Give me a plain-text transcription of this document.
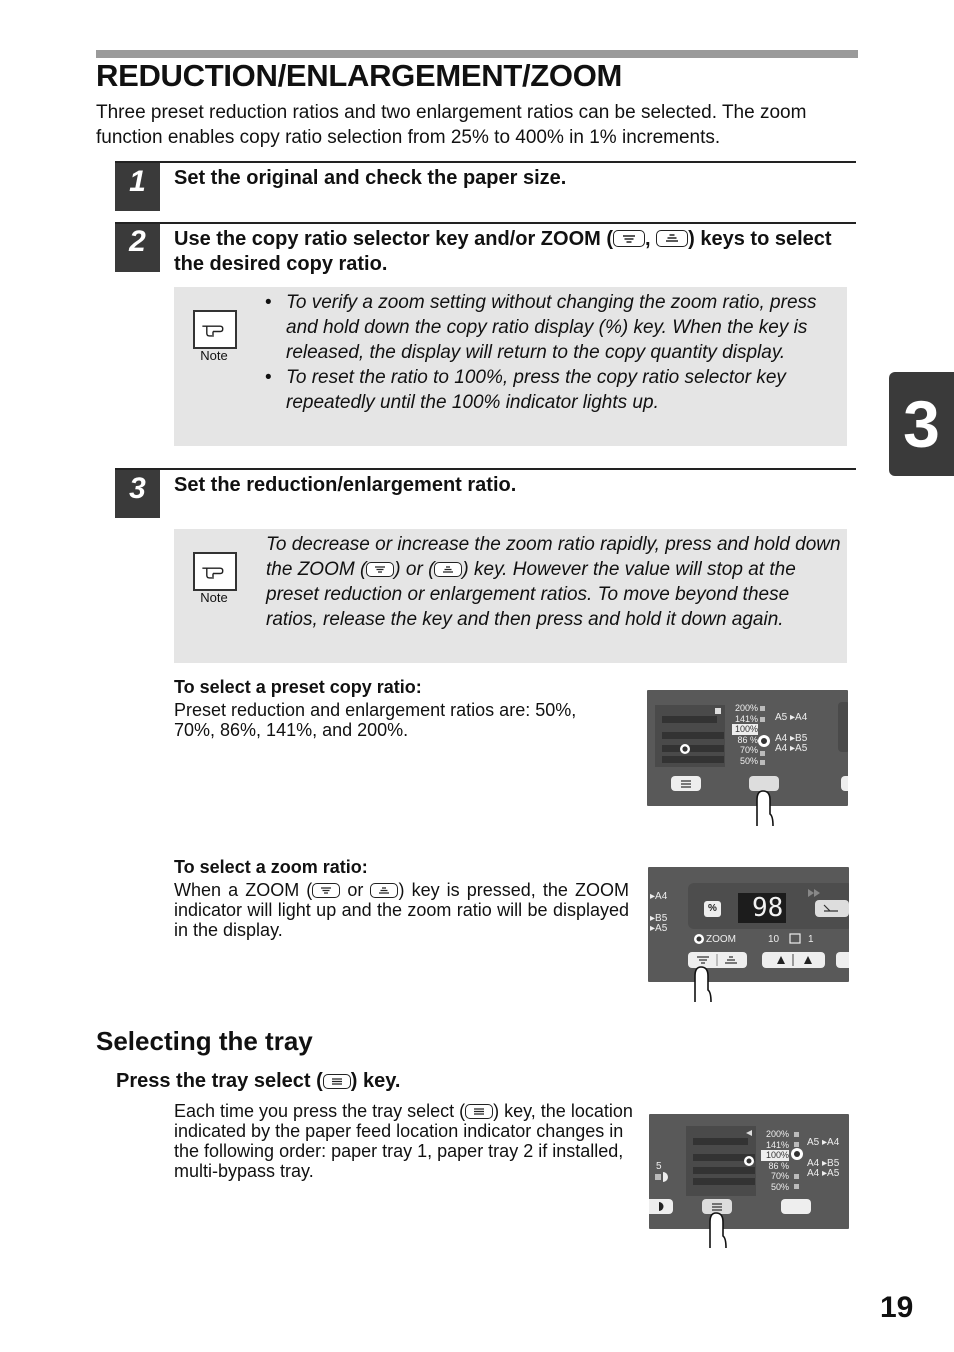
REDUCTION/ENLARGEMENT/ZOOM
Three preset reduction ratios and two enlargement ratios can be selected. The zoom function enables copy ratio selection from 25% to 400% in 1% increments.
1	Set the original and check the paper size.
2	Use the copy ratio selector key and/or ZOOM ( , ) keys to select the desired copy ratio.
Note
• To verify a zoom setting without changing the zoom ratio, press and hold down the copy ratio display (%) key. When the key is released, the display will return to the copy quantity display.
• To reset the ratio to 100%, press the copy ratio selector key repeatedly until the 100% indicator lights up.
3	Set the reduction/enlargement ratio.
Note
To decrease or increase the zoom ratio rapidly, press and hold down the ZOOM ( ) or ( ) key. However the value will stop at the preset reduction or enlargement ratios. To move beyond these ratios, release the key and then press and hold it down again.
To select a preset copy ratio:
Preset reduction and enlargement ratios are: 50%, 70%, 86%, 141%, and 200%.
200%
141%
100%
86 %
70%
50%
A5 ▸A4
A4 ▸B5
A4 ▸A5
To select a zoom ratio:
When a ZOOM ( or ) key is pressed, the ZOOM indicator will light up and the zoom ratio will be displayed in the display.
▸A4
▸B5
▸A5
% 98
ZOOM	10	1
3
Selecting the tray
Press the tray select ( ) key.
Each time you press the tray select ( ) key, the location indicated by the paper feed location indicator changes in the following order: paper tray 1, paper tray 2 if installed, multi-bypass tray.	5
200%
141%
100%
86 %
70%
50%
A5 ▸A4
A4 ▸B5
A4 ▸A5
19
